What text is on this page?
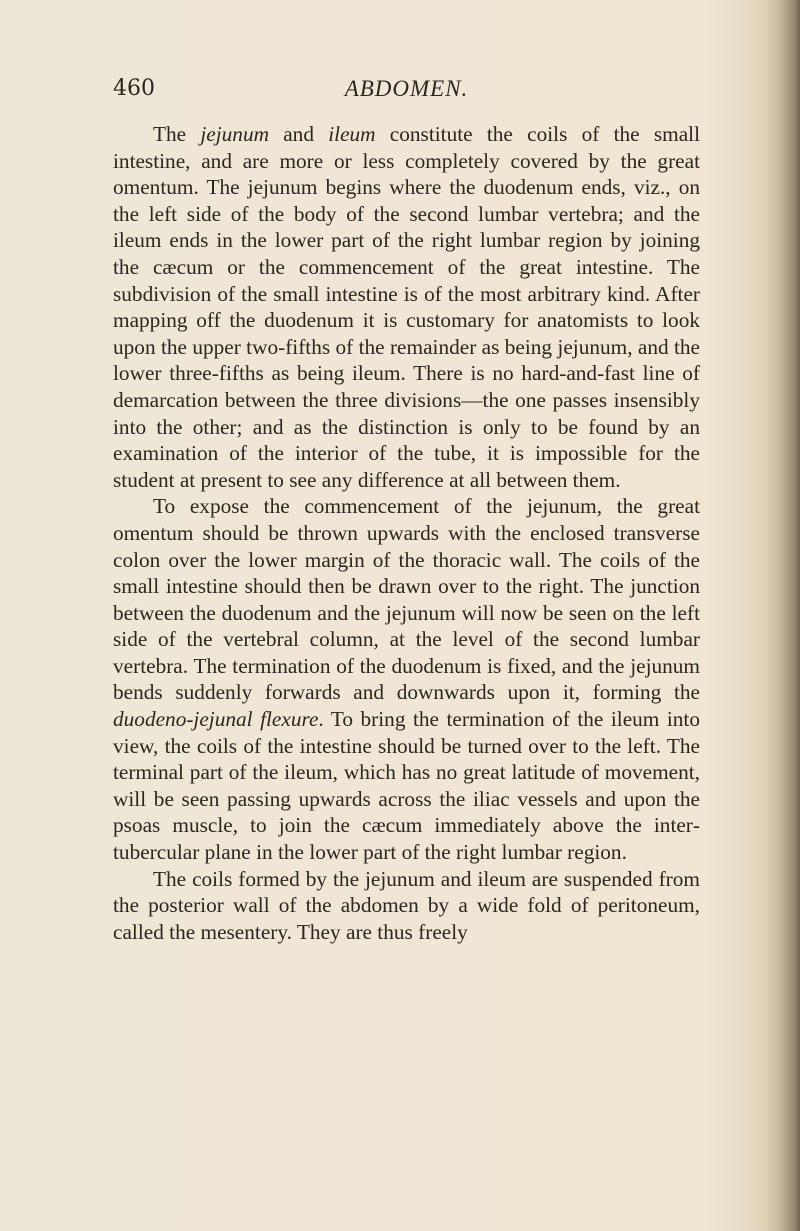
460	ABDOMEN.

The jejunum and ileum constitute the coils of the small intestine, and are more or less completely covered by the great omentum. The jejunum begins where the duodenum ends, viz., on the left side of the body of the second lumbar vertebra; and the ileum ends in the lower part of the right lumbar region by joining the cæcum or the commencement of the great intestine. The subdivision of the small intestine is of the most arbitrary kind. After mapping off the duodenum it is customary for anatomists to look upon the upper two-fifths of the remainder as being jejunum, and the lower three-fifths as being ileum. There is no hard-and-fast line of demarcation between the three divisions—the one passes insensibly into the other; and as the distinction is only to be found by an examination of the interior of the tube, it is impossible for the student at present to see any difference at all between them.

To expose the commencement of the jejunum, the great omentum should be thrown upwards with the enclosed transverse colon over the lower margin of the thoracic wall. The coils of the small intestine should then be drawn over to the right. The junction between the duodenum and the jejunum will now be seen on the left side of the vertebral column, at the level of the second lumbar vertebra. The termination of the duodenum is fixed, and the jejunum bends suddenly forwards and downwards upon it, forming the duodeno-jejunal flexure. To bring the termination of the ileum into view, the coils of the intestine should be turned over to the left. The terminal part of the ileum, which has no great latitude of movement, will be seen passing upwards across the iliac vessels and upon the psoas muscle, to join the cæcum immediately above the intertubercular plane in the lower part of the right lumbar region.

The coils formed by the jejunum and ileum are suspended from the posterior wall of the abdomen by a wide fold of peritoneum, called the mesentery. They are thus freely
